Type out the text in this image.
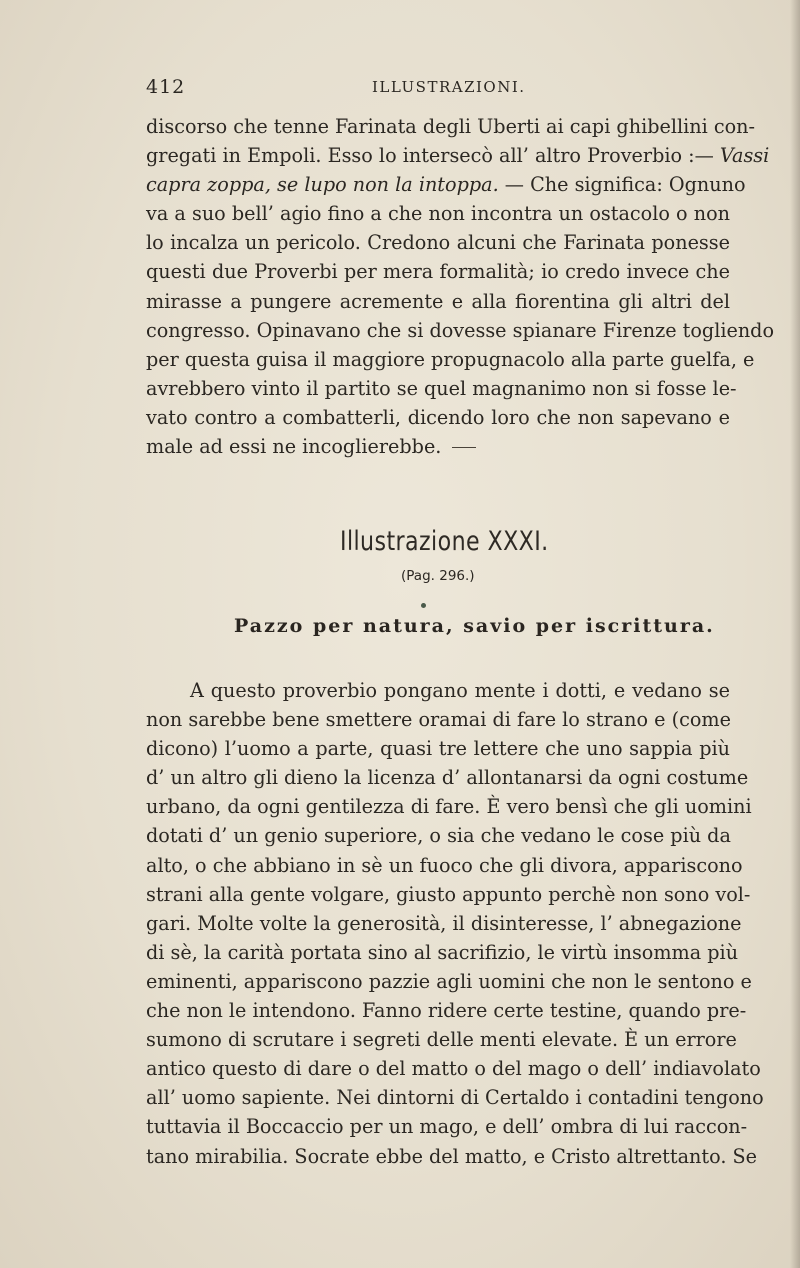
412	ILLUSTRAZIONI.
discorso che tenne Farinata degli Uberti ai capi ghibellini con-
gregati in Empoli. Esso lo intersecò all’ altro Proverbio :— Vassi
capra zoppa, se lupo non la intoppa. — Che significa: Ognuno
va a suo bell’ agio fino a che non incontra un ostacolo o non
lo incalza un pericolo. Credono alcuni che Farinata ponesse
questi due Proverbi per mera formalità; io credo invece che
mirasse a pungere acremente e alla fiorentina gli altri del
congresso. Opinavano che si dovesse spianare Firenze togliendo
per questa guisa il maggiore propugnacolo alla parte guelfa, e
avrebbero vinto il partito se quel magnanimo non si fosse le-
vato contro a combatterli, dicendo loro che non sapevano e
male ad essi ne incoglierebbe.
Illustrazione XXXI.
(Pag. 296.)
Pazzo per natura, savio per iscrittura.
A questo proverbio pongano mente i dotti, e vedano se
non sarebbe bene smettere oramai di fare lo strano e (come
dicono) l’uomo a parte, quasi tre lettere che uno sappia più
d’ un altro gli dieno la licenza d’ allontanarsi da ogni costume
urbano, da ogni gentilezza di fare. È vero bensì che gli uomini
dotati d’ un genio superiore, o sia che vedano le cose più da
alto, o che abbiano in sè un fuoco che gli divora, appariscono
strani alla gente volgare, giusto appunto perchè non sono vol-
gari. Molte volte la generosità, il disinteresse, l’ abnegazione
di sè, la carità portata sino al sacrifizio, le virtù insomma più
eminenti, appariscono pazzie agli uomini che non le sentono e
che non le intendono. Fanno ridere certe testine, quando pre-
sumono di scrutare i segreti delle menti elevate. È un errore
antico questo di dare o del matto o del mago o dell’ indiavolato
all’ uomo sapiente. Nei dintorni di Certaldo i contadini tengono
tuttavia il Boccaccio per un mago, e dell’ ombra di lui raccon-
tano mirabilia. Socrate ebbe del matto, e Cristo altrettanto. Se
